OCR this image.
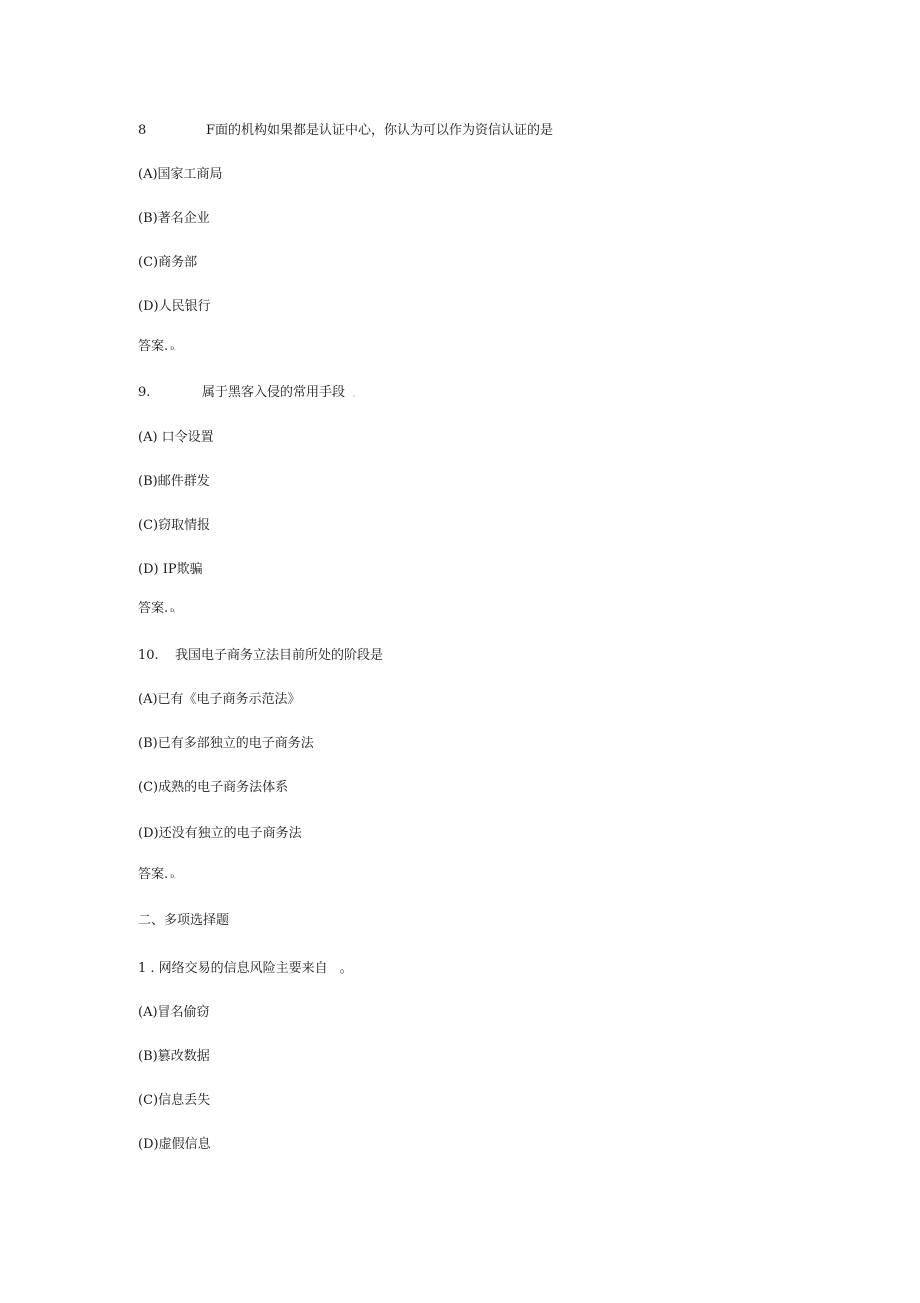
8	F面的机构如果都是认证中心，你认为可以作为资信认证的是
(A)国家工商局
(B)著名企业
(C)商务部
(D)人民银行
答案. D,
9.	属于黑客入侵的常用手段 。
(A) 口令设置
(B)邮件群发
(C)窃取情报
(D) IP欺骗
答案. D,
10. 我国电子商务立法目前所处的阶段是
(A)已有《电子商务示范法》
(B)已有多部独立的电子商务法
(C)成熟的电子商务法体系
(D)还没有独立的电子商务法
答案. D,
二、多项选择题
1 . 网络交易的信息风险主要来自 。
(A)冒名偷窃
(B)篡改数据
(C)信息丢失
(D)虚假信息
